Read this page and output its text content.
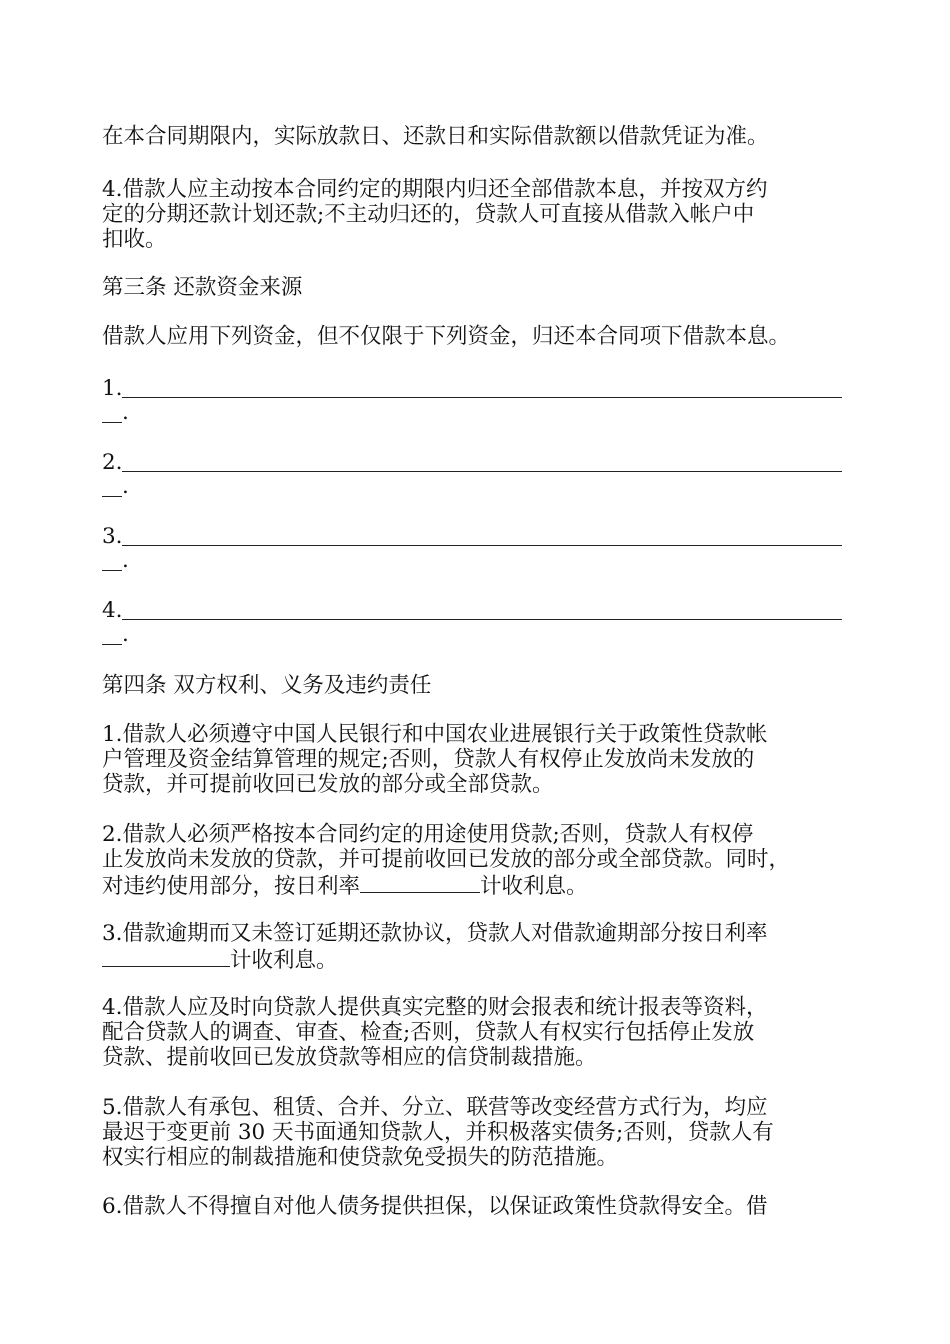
在本合同期限内，实际放款日、还款日和实际借款额以借款凭证为准。
4.借款人应主动按本合同约定的期限内归还全部借款本息，并按双方约
定的分期还款计划还款;不主动归还的，贷款人可直接从借款入帐户中
扣收。
第三条 还款资金来源
借款人应用下列资金，但不仅限于下列资金，归还本合同项下借款本息。
1.
.
2.
.
3.
.
4.
.
第四条 双方权利、义务及违约责任
1.借款人必须遵守中国人民银行和中国农业进展银行关于政策性贷款帐
户管理及资金结算管理的规定;否则，贷款人有权停止发放尚未发放的
贷款，并可提前收回已发放的部分或全部贷款。
2.借款人必须严格按本合同约定的用途使用贷款;否则，贷款人有权停
止发放尚未发放的贷款，并可提前收回已发放的部分或全部贷款。同时，
对违约使用部分，按日利率	计收利息。
3.借款逾期而又未签订延期还款协议，贷款人对借款逾期部分按日利率
计收利息。
4.借款人应及时向贷款人提供真实完整的财会报表和统计报表等资料，
配合贷款人的调查、审查、检查;否则，贷款人有权实行包括停止发放
贷款、提前收回已发放贷款等相应的信贷制裁措施。
5.借款人有承包、租赁、合并、分立、联营等改变经营方式行为，均应
最迟于变更前 30 天书面通知贷款人，并积极落实债务;否则，贷款人有
权实行相应的制裁措施和使贷款免受损失的防范措施。
6.借款人不得擅自对他人债务提供担保，以保证政策性贷款得安全。借
